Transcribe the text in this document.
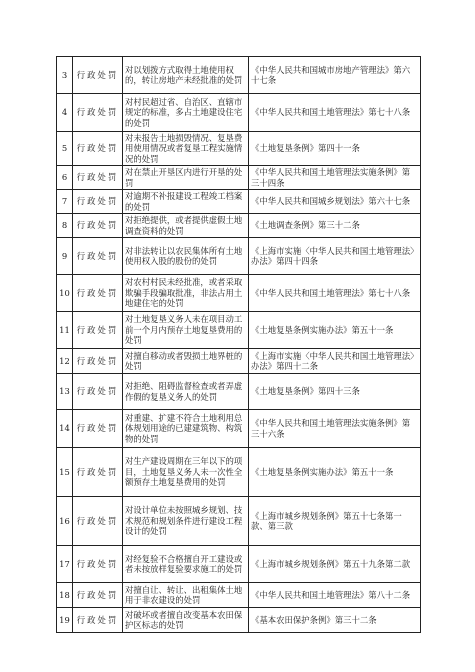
3	行政处罚	对以划拨方式取得土地使用权的，转让房地产未经批准的处罚	《中华人民共和国城市房地产管理法》第六十七条
4	行政处罚	对村民超过省、自治区、直辖市规定的标准，多占土地建设住宅的处罚	《中华人民共和国土地管理法》第七十八条
5	行政处罚	对未报告土地损毁情况、复垦费用使用情况或者复垦工程实施情况的处罚	《土地复垦条例》第四十一条
6	行政处罚	对在禁止开垦区内进行开垦的处罚	《中华人民共和国土地管理法实施条例》第三十四条
7	行政处罚	对逾期不补报建设工程竣工档案的处罚	《中华人民共和国城乡规划法》第六十七条
8	行政处罚	对拒绝提供，或者提供虚假土地调查资料的处罚	《土地调查条例》第三十二条
9	行政处罚	对非法转让以农民集体所有土地使用权入股的股份的处罚	《上海市实施〈中华人民共和国土地管理法〉办法》第四十四条
10	行政处罚	对农村村民未经批准，或者采取欺骗手段骗取批准，非法占用土地建住宅的处罚	《中华人民共和国土地管理法》第七十八条
11	行政处罚	对土地复垦义务人未在项目动工前一个月内预存土地复垦费用的处罚	《土地复垦条例实施办法》第五十一条
12	行政处罚	对擅自移动或者毁损土地界桩的处罚	《上海市实施〈中华人民共和国土地管理法〉办法》第四十二条
13	行政处罚	对拒绝、阻碍监督检查或者弄虚作假的复垦义务人的处罚	《土地复垦条例》第四十三条
14	行政处罚	对重建、扩建不符合土地利用总体规划用途的已建建筑物、构筑物的处罚	《中华人民共和国土地管理法实施条例》第三十六条
15	行政处罚	对生产建设周期在三年以下的项目，土地复垦义务人未一次性全额预存土地复垦费用的处罚	《土地复垦条例实施办法》第五十一条
16	行政处罚	对设计单位未按照城乡规划、技术规范和规划条件进行建设工程设计的处罚	《上海市城乡规划条例》第五十七条第一款、第三款
17	行政处罚	对经复验不合格擅自开工建设或者未按放样复验要求施工的处罚	《上海市城乡规划条例》第五十九条第二款
18	行政处罚	对擅自让、转让、出租集体土地用于非农建设的处罚	《中华人民共和国土地管理法》第八十二条
19	行政处罚	对破坏或者擅自改变基本农田保护区标志的处罚	《基本农田保护条例》第三十二条
